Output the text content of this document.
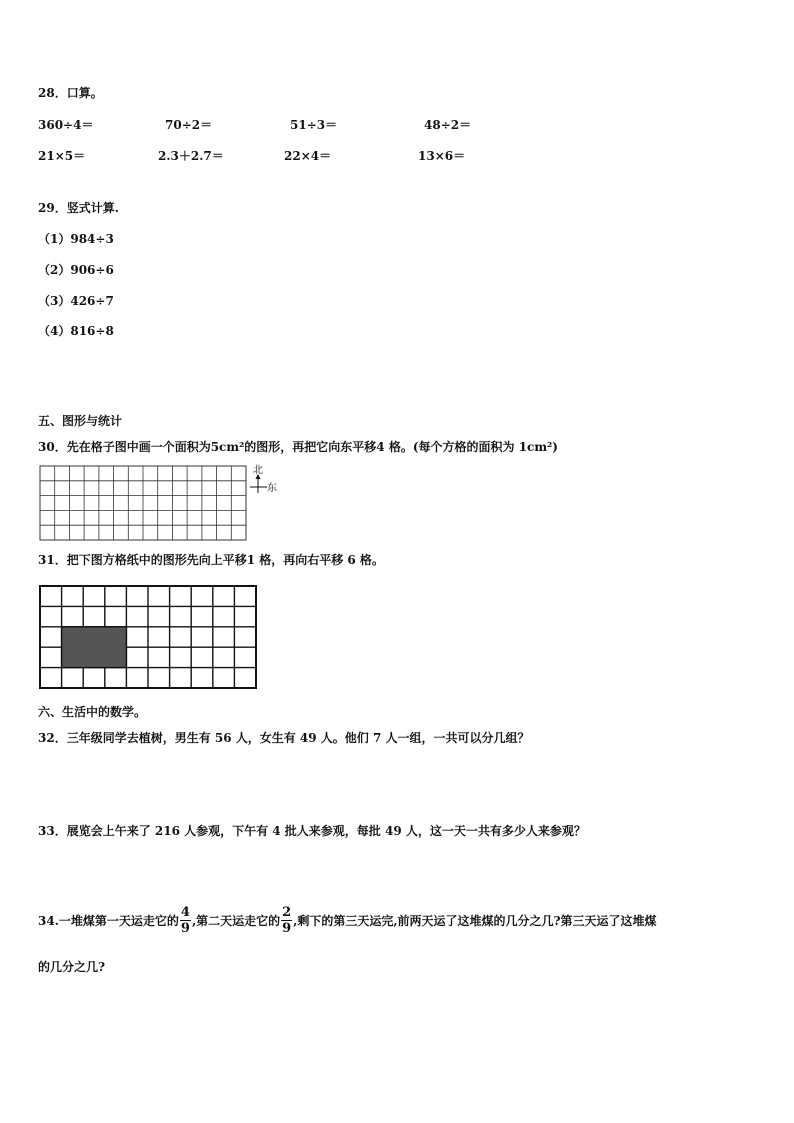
28．口算。
360÷4＝	70÷2＝	51÷3＝	48÷2＝
21×5＝	2.3＋2.7＝	22×4＝	13×6＝
29．竖式计算.
（1）984÷3
（2）906÷6
（3）426÷7
（4）816÷8
五、图形与统计
30．先在格子图中画一个面积为5cm²的图形，再把它向东平移4 格。(每个方格的面积为 1cm²)
北
东
31．把下图方格纸中的图形先向上平移1 格，再向右平移 6 格。
六、生活中的数学。
32．三年级同学去植树，男生有 56 人，女生有 49 人。他们 7 人一组，一共可以分几组？
33．展览会上午来了 216 人参观，下午有 4 批人来参观，每批 49 人，这一天一共有多少人来参观？
34.一堆煤第一天运走它的 $\frac{4}{9}$ ,第二天运走它的 $\frac{2}{9}$ ,剩下的第三天运完,前两天运了这堆煤的几分之几?第三天运了这堆煤
的几分之几?
